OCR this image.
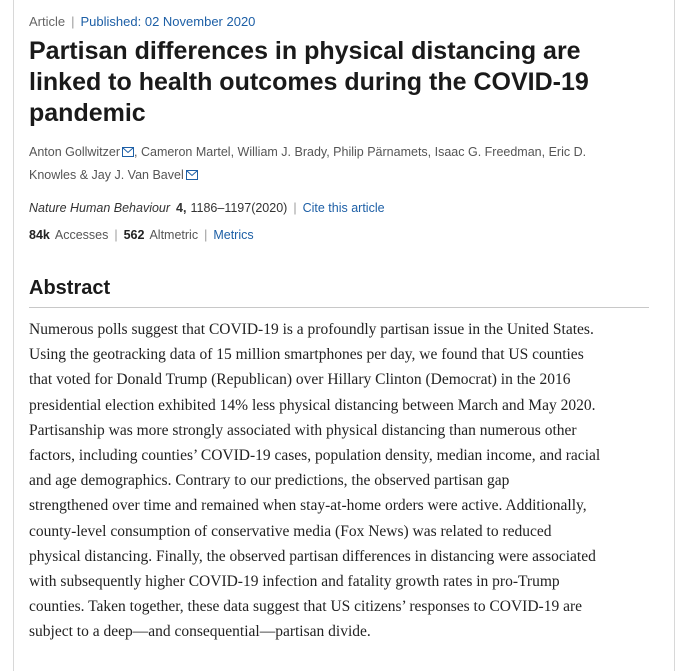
Article | Published: 02 November 2020
Partisan differences in physical distancing are linked to health outcomes during the COVID-19 pandemic
Anton Gollwitzer , Cameron Martel, William J. Brady, Philip Pärnamets, Isaac G. Freedman, Eric D. Knowles & Jay J. Van Bavel
Nature Human Behaviour 4, 1186–1197(2020) | Cite this article
84k Accesses | 562 Altmetric | Metrics
Abstract

Numerous polls suggest that COVID-19 is a profoundly partisan issue in the United States.
Using the geotracking data of 15 million smartphones per day, we found that US counties
that voted for Donald Trump (Republican) over Hillary Clinton (Democrat) in the 2016
presidential election exhibited 14% less physical distancing between March and May 2020.
Partisanship was more strongly associated with physical distancing than numerous other
factors, including counties’ COVID-19 cases, population density, median income, and racial
and age demographics. Contrary to our predictions, the observed partisan gap
strengthened over time and remained when stay-at-home orders were active. Additionally,
county-level consumption of conservative media (Fox News) was related to reduced
physical distancing. Finally, the observed partisan differences in distancing were associated
with subsequently higher COVID-19 infection and fatality growth rates in pro-Trump
counties. Taken together, these data suggest that US citizens’ responses to COVID-19 are
subject to a deep—and consequential—partisan divide.
